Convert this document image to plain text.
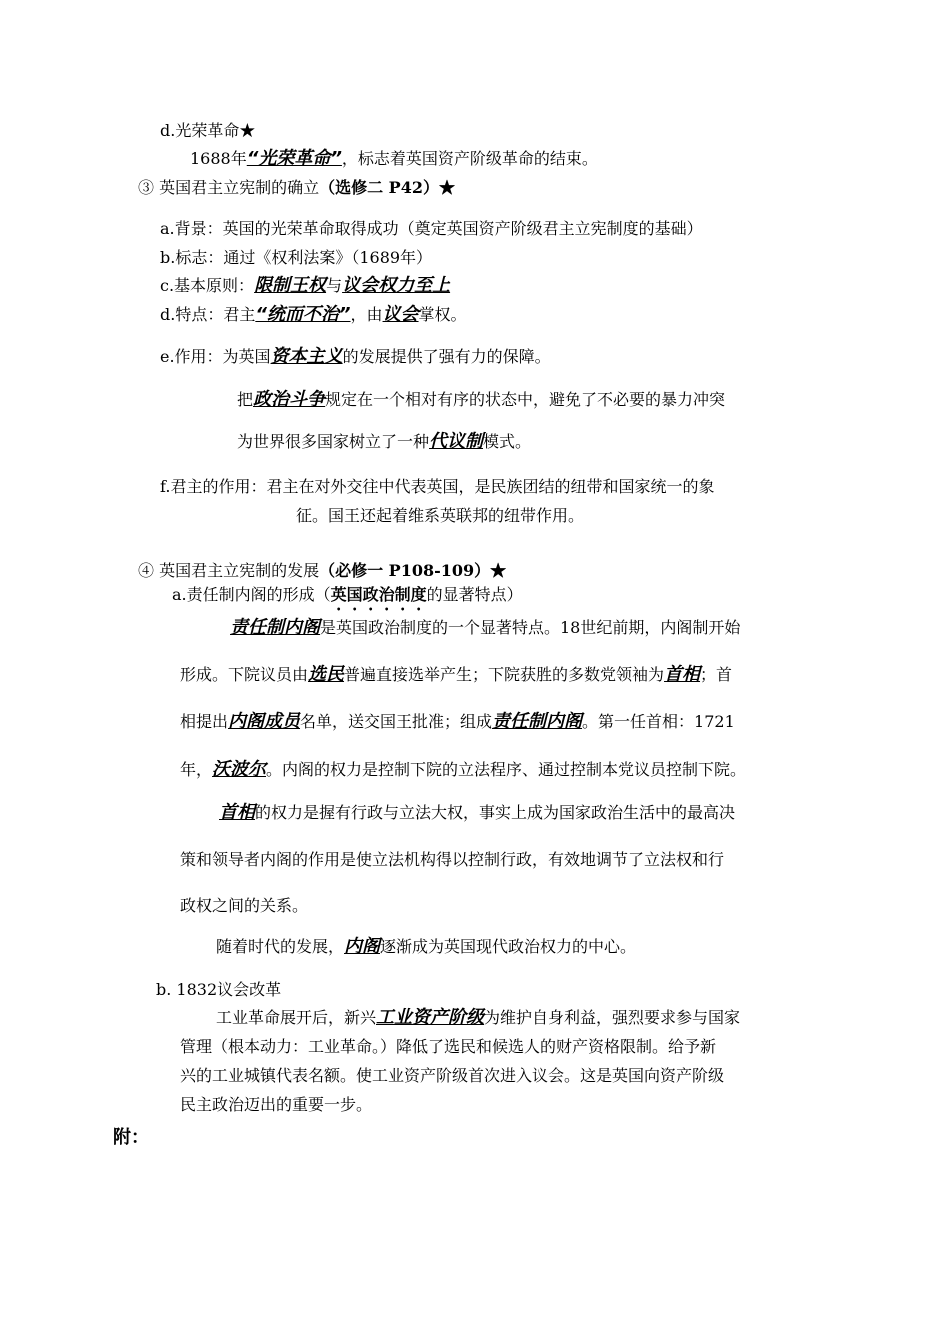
d.光荣革命★
1688年“光荣革命”，标志着英国资产阶级革命的结束。
③ 英国君主立宪制的确立（选修二 P42）★
a.背景：英国的光荣革命取得成功（奠定英国资产阶级君主立宪制度的基础）
b.标志：通过《权利法案》（1689年）
c.基本原则：限制王权与议会权力至上
d.特点：君主“统而不治”，由议会掌权。
e.作用：为英国资本主义的发展提供了强有力的保障。
把政治斗争规定在一个相对有序的状态中，避免了不必要的暴力冲突
为世界很多国家树立了一种代议制模式。
f.君主的作用：君主在对外交往中代表英国，是民族团结的纽带和国家统一的象
征。国王还起着维系英联邦的纽带作用。
④ 英国君主立宪制的发展（必修一 P108-109）★
a.责任制内阁的形成（英国政治制度的显著特点）
责任制内阁是英国政治制度的一个显著特点。18世纪前期，内阁制开始
形成。下院议员由选民普遍直接选举产生；下院获胜的多数党领袖为首相；首
相提出内阁成员名单，送交国王批准；组成责任制内阁。第一任首相：1721
年，沃波尔。内阁的权力是控制下院的立法程序、通过控制本党议员控制下院。
首相的权力是握有行政与立法大权，事实上成为国家政治生活中的最高决
策和领导者内阁的作用是使立法机构得以控制行政，有效地调节了立法权和行
政权之间的关系。
随着时代的发展，内阁逐渐成为英国现代政治权力的中心。
b. 1832议会改革
工业革命展开后，新兴工业资产阶级为维护自身利益，强烈要求参与国家
管理（根本动力：工业革命。）降低了选民和候选人的财产资格限制。给予新
兴的工业城镇代表名额。使工业资产阶级首次进入议会。这是英国向资产阶级
民主政治迈出的重要一步。
附：
